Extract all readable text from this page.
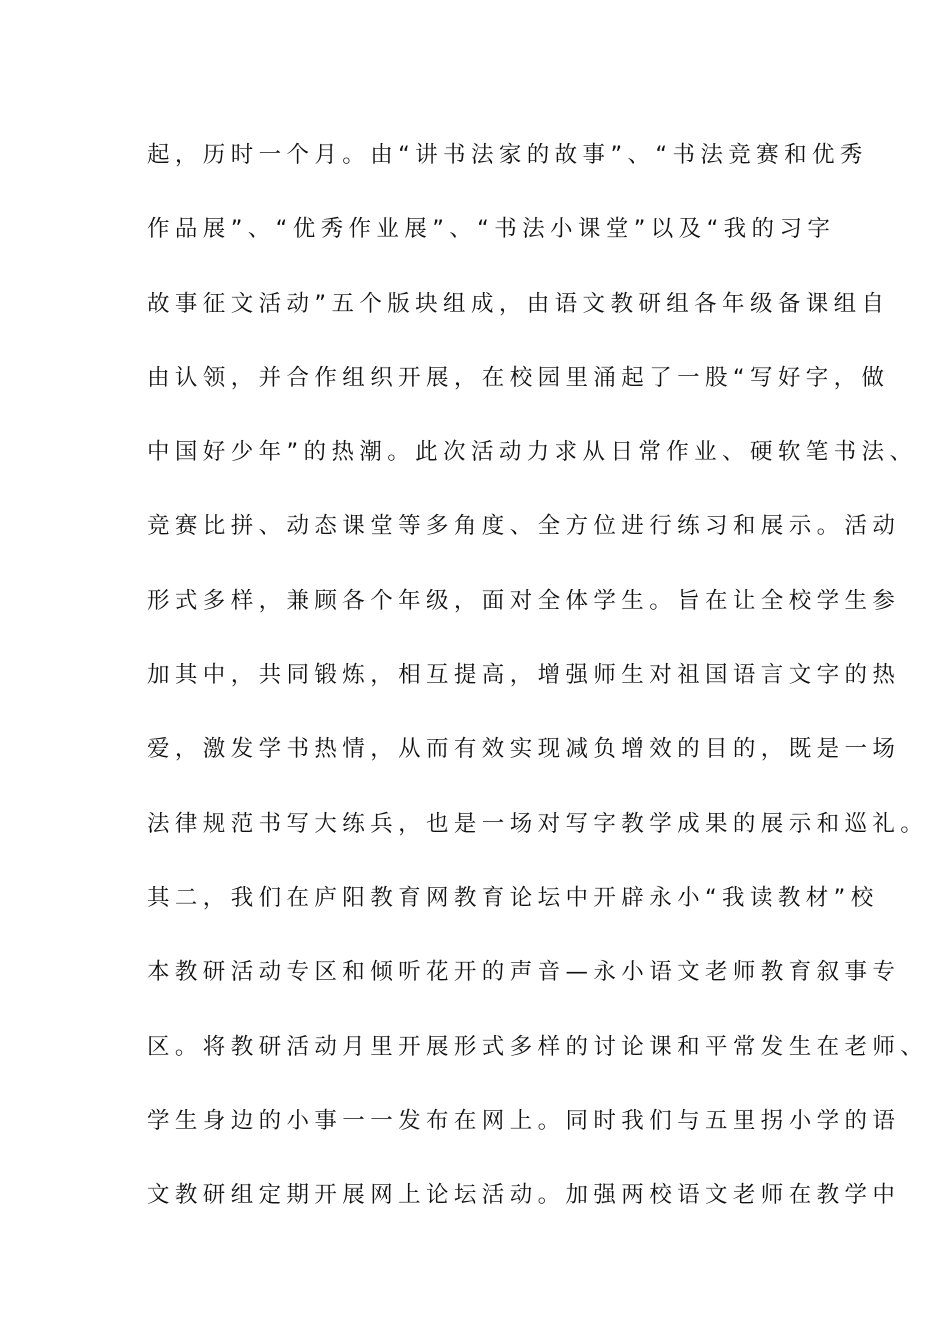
起，历时一个月。由“讲书法家的故事”、“书法竞赛和优秀
作品展”、“优秀作业展”、“书法小课堂”以及“我的习字
故事征文活动”五个版块组成，由语文教研组各年级备课组自
由认领，并合作组织开展，在校园里涌起了一股“写好字，做
中国好少年”的热潮。此次活动力求从日常作业、硬软笔书法、
竞赛比拼、动态课堂等多角度、全方位进行练习和展示。活动
形式多样，兼顾各个年级，面对全体学生。旨在让全校学生参
加其中，共同锻炼，相互提高，增强师生对祖国语言文字的热
爱，激发学书热情，从而有效实现减负增效的目的，既是一场
法律规范书写大练兵，也是一场对写字教学成果的展示和巡礼。
其二，我们在庐阳教育网教育论坛中开辟永小“我读教材”校
本教研活动专区和倾听花开的声音—永小语文老师教育叙事专
区。将教研活动月里开展形式多样的讨论课和平常发生在老师、
学生身边的小事一一发布在网上。同时我们与五里拐小学的语
文教研组定期开展网上论坛活动。加强两校语文老师在教学中
